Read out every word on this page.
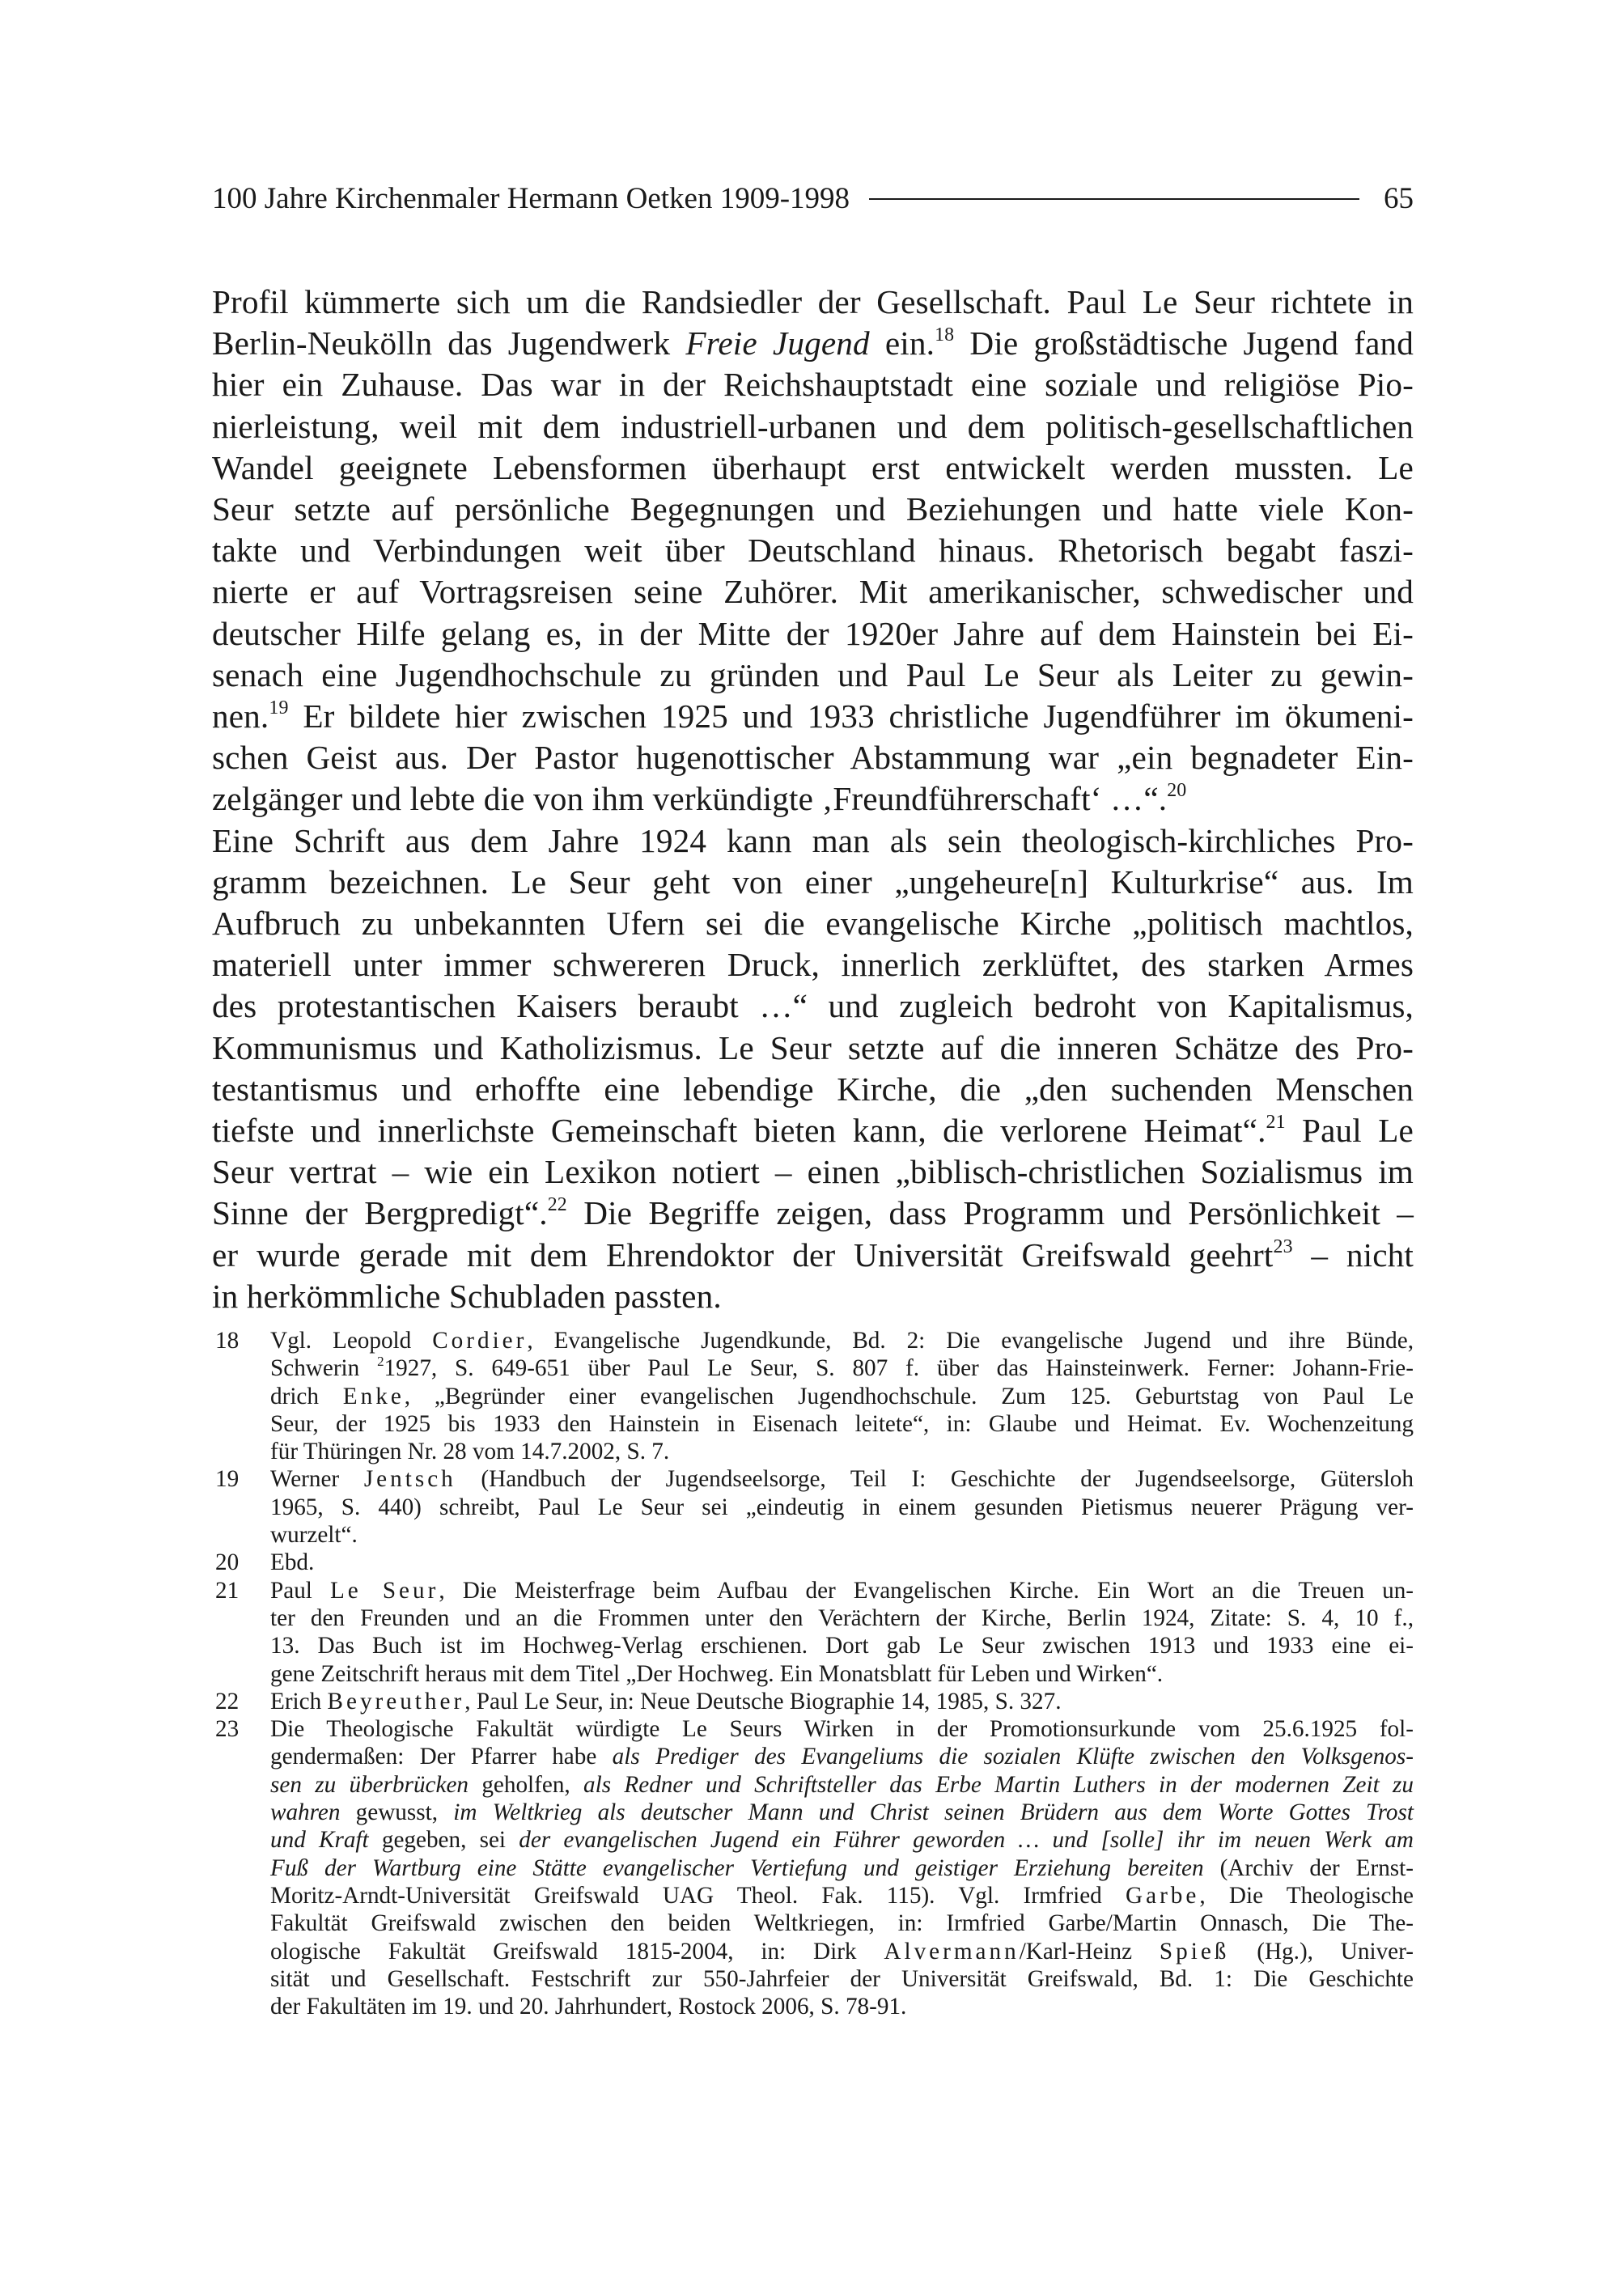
100 Jahre Kirchenmaler Hermann Oetken 1909-1998	65
Profil kümmerte sich um die Randsiedler der Gesellschaft. Paul Le Seur richtete in
Berlin-Neukölln das Jugendwerk Freie Jugend ein.$^{18}$ Die großstädtische Jugend fand
hier ein Zuhause. Das war in der Reichshauptstadt eine soziale und religiöse Pio-
nierleistung, weil mit dem industriell-urbanen und dem politisch-gesellschaftlichen
Wandel geeignete Lebensformen überhaupt erst entwickelt werden mussten. Le
Seur setzte auf persönliche Begegnungen und Beziehungen und hatte viele Kon-
takte und Verbindungen weit über Deutschland hinaus. Rhetorisch begabt faszi-
nierte er auf Vortragsreisen seine Zuhörer. Mit amerikanischer, schwedischer und
deutscher Hilfe gelang es, in der Mitte der 1920er Jahre auf dem Hainstein bei Ei-
senach eine Jugendhochschule zu gründen und Paul Le Seur als Leiter zu gewin-
nen.$^{19}$ Er bildete hier zwischen 1925 und 1933 christliche Jugendführer im ökumeni-
schen Geist aus. Der Pastor hugenottischer Abstammung war „ein begnadeter Ein-
zelgänger und lebte die von ihm verkündigte ‚Freundführerschaft‘ …“.$^{20}$
Eine Schrift aus dem Jahre 1924 kann man als sein theologisch-kirchliches Pro-
gramm bezeichnen. Le Seur geht von einer „ungeheure[n] Kulturkrise“ aus. Im
Aufbruch zu unbekannten Ufern sei die evangelische Kirche „politisch machtlos,
materiell unter immer schwereren Druck, innerlich zerklüftet, des starken Armes
des protestantischen Kaisers beraubt …“ und zugleich bedroht von Kapitalismus,
Kommunismus und Katholizismus. Le Seur setzte auf die inneren Schätze des Pro-
testantismus und erhoffte eine lebendige Kirche, die „den suchenden Menschen
tiefste und innerlichste Gemeinschaft bieten kann, die verlorene Heimat“.$^{21}$ Paul Le
Seur vertrat – wie ein Lexikon notiert – einen „biblisch-christlichen Sozialismus im
Sinne der Bergpredigt“.$^{22}$ Die Begriffe zeigen, dass Programm und Persönlichkeit –
er wurde gerade mit dem Ehrendoktor der Universität Greifswald geehrt$^{23}$ – nicht
in herkömmliche Schubladen passten.
18 Vgl. Leopold Cordier, Evangelische Jugendkunde, Bd. 2: Die evangelische Jugend und ihre Bünde,
Schwerin $^2$1927, S. 649-651 über Paul Le Seur, S. 807 f. über das Hainsteinwerk. Ferner: Johann-Frie-
drich Enke, „Begründer einer evangelischen Jugendhochschule. Zum 125. Geburtstag von Paul Le
Seur, der 1925 bis 1933 den Hainstein in Eisenach leitete“, in: Glaube und Heimat. Ev. Wochenzeitung
für Thüringen Nr. 28 vom 14.7.2002, S. 7.
19 Werner Jentsch (Handbuch der Jugendseelsorge, Teil I: Geschichte der Jugendseelsorge, Gütersloh
1965, S. 440) schreibt, Paul Le Seur sei „eindeutig in einem gesunden Pietismus neuerer Prägung ver-
wurzelt“.
20 Ebd.
21 Paul Le Seur, Die Meisterfrage beim Aufbau der Evangelischen Kirche. Ein Wort an die Treuen un-
ter den Freunden und an die Frommen unter den Verächtern der Kirche, Berlin 1924, Zitate: S. 4, 10 f.,
13. Das Buch ist im Hochweg-Verlag erschienen. Dort gab Le Seur zwischen 1913 und 1933 eine ei-
gene Zeitschrift heraus mit dem Titel „Der Hochweg. Ein Monatsblatt für Leben und Wirken“.
22 Erich Beyreuther, Paul Le Seur, in: Neue Deutsche Biographie 14, 1985, S. 327.
23 Die Theologische Fakultät würdigte Le Seurs Wirken in der Promotionsurkunde vom 25.6.1925 fol-
gendermaßen: Der Pfarrer habe als Prediger des Evangeliums die sozialen Klüfte zwischen den Volksgenos-
sen zu überbrücken geholfen, als Redner und Schriftsteller das Erbe Martin Luthers in der modernen Zeit zu
wahren gewusst, im Weltkrieg als deutscher Mann und Christ seinen Brüdern aus dem Worte Gottes Trost
und Kraft gegeben, sei der evangelischen Jugend ein Führer geworden … und [solle] ihr im neuen Werk am
Fuß der Wartburg eine Stätte evangelischer Vertiefung und geistiger Erziehung bereiten (Archiv der Ernst-
Moritz-Arndt-Universität Greifswald UAG Theol. Fak. 115). Vgl. Irmfried Garbe, Die Theologische
Fakultät Greifswald zwischen den beiden Weltkriegen, in: Irmfried Garbe/Martin Onnasch, Die The-
ologische Fakultät Greifswald 1815-2004, in: Dirk Alvermann/Karl-Heinz Spieß (Hg.), Univer-
sität und Gesellschaft. Festschrift zur 550-Jahrfeier der Universität Greifswald, Bd. 1: Die Geschichte
der Fakultäten im 19. und 20. Jahrhundert, Rostock 2006, S. 78-91.
